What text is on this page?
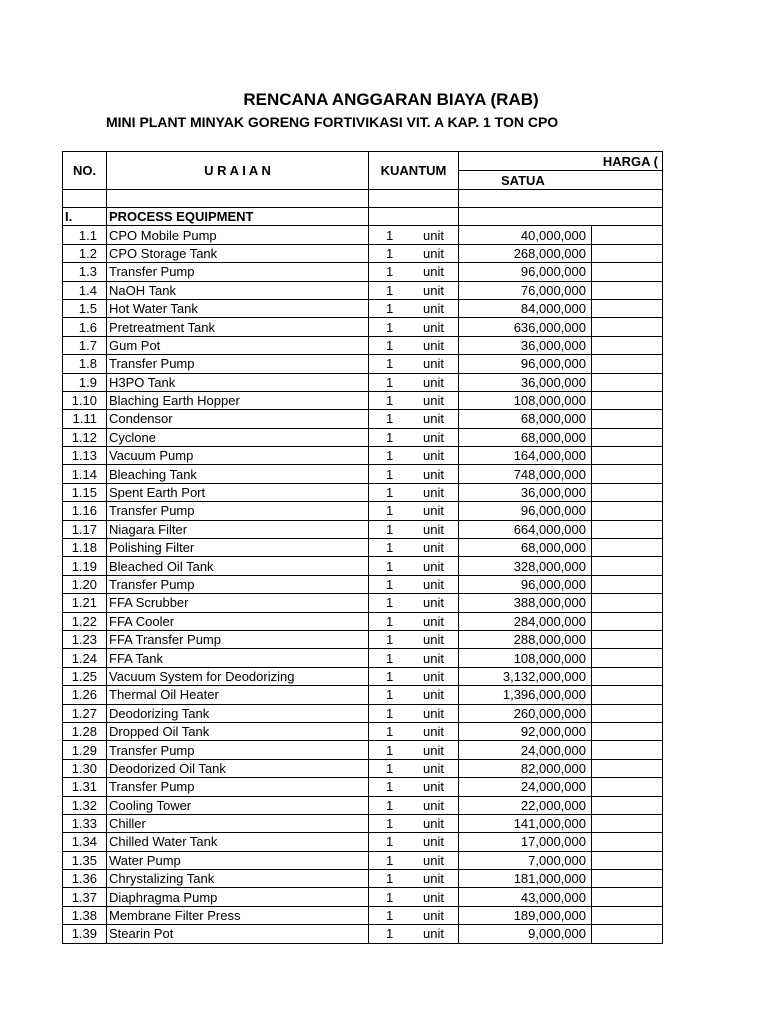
RENCANA ANGGARAN BIAYA (RAB)
MINI PLANT MINYAK GORENG FORTIVIKASI VIT. A KAP. 1 TON CPO
NO.	U R A I A N	KUANTUM	HARGA (	
			SATUA	

I.	PROCESS EQUIPMENT			
1.1	CPO Mobile Pump	1 unit	40,000,000	
1.2	CPO Storage Tank	1 unit	268,000,000	
1.3	Transfer Pump	1 unit	96,000,000	
1.4	NaOH Tank	1 unit	76,000,000	
1.5	Hot Water Tank	1 unit	84,000,000	
1.6	Pretreatment Tank	1 unit	636,000,000	
1.7	Gum Pot	1 unit	36,000,000	
1.8	Transfer Pump	1 unit	96,000,000	
1.9	H3PO Tank	1 unit	36,000,000	
1.10	Blaching Earth Hopper	1 unit	108,000,000	
1.11	Condensor	1 unit	68,000,000	
1.12	Cyclone	1 unit	68,000,000	
1.13	Vacuum Pump	1 unit	164,000,000	
1.14	Bleaching Tank	1 unit	748,000,000	
1.15	Spent Earth Port	1 unit	36,000,000	
1.16	Transfer Pump	1 unit	96,000,000	
1.17	Niagara Filter	1 unit	664,000,000	
1.18	Polishing Filter	1 unit	68,000,000	
1.19	Bleached Oil Tank	1 unit	328,000,000	
1.20	Transfer Pump	1 unit	96,000,000	
1.21	FFA Scrubber	1 unit	388,000,000	
1.22	FFA Cooler	1 unit	284,000,000	
1.23	FFA Transfer Pump	1 unit	288,000,000	
1.24	FFA Tank	1 unit	108,000,000	
1.25	Vacuum System for Deodorizing	1 unit	3,132,000,000	
1.26	Thermal Oil Heater	1 unit	1,396,000,000	
1.27	Deodorizing Tank	1 unit	260,000,000	
1.28	Dropped Oil Tank	1 unit	92,000,000	
1.29	Transfer Pump	1 unit	24,000,000	
1.30	Deodorized Oil Tank	1 unit	82,000,000	
1.31	Transfer Pump	1 unit	24,000,000	
1.32	Cooling Tower	1 unit	22,000,000	
1.33	Chiller	1 unit	141,000,000	
1.34	Chilled Water Tank	1 unit	17,000,000	
1.35	Water Pump	1 unit	7,000,000	
1.36	Chrystalizing Tank	1 unit	181,000,000	
1.37	Diaphragma Pump	1 unit	43,000,000	
1.38	Membrane Filter Press	1 unit	189,000,000	
1.39	Stearin Pot	1 unit	9,000,000	
